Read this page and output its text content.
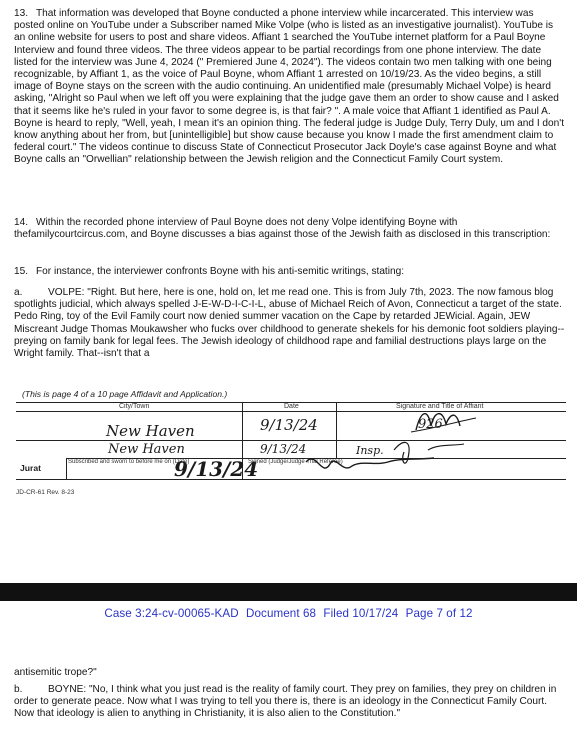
13. That information was developed that Boyne conducted a phone interview while incarcerated. This interview was posted online on YouTube under a Subscriber named Mike Volpe (who is listed as an investigative journalist). YouTube is an online website for users to post and share videos. Affiant 1 searched the YouTube internet platform for a Paul Boyne Interview and found three videos. The three videos appear to be partial recordings from one phone interview. The date listed for the interview was June 4, 2024 (" Premiered June 4, 2024"). The videos contain two men talking with one being recognizable, by Affiant 1, as the voice of Paul Boyne, whom Affiant 1 arrested on 10/19/23. As the video begins, a still image of Boyne stays on the screen with the audio continuing. An unidentified male (presumably Michael Volpe) is heard asking, "Alright so Paul when we left off you were explaining that the judge gave them an order to show cause and I asked that it seems like he's ruled in your favor to some degree is, is that fair? ". A male voice that Affiant 1 identified as Paul A. Boyne is heard to reply, "Well, yeah, I mean it's an opinion thing. The federal judge is Judge Duly, Terry Duly, um and I don't know anything about her from, but [unintelligible] but show cause because you know I made the first amendment claim to federal court." The videos continue to discuss State of Connecticut Prosecutor Jack Doyle's case against Boyne and what Boyne calls an "Orwellian" relationship between the Jewish religion and the Connecticut Family Court system.
14. Within the recorded phone interview of Paul Boyne does not deny Volpe identifying Boyne with thefamilycourtcircus.com, and Boyne discusses a bias against those of the Jewish faith as disclosed in this transcription:
15. For instance, the interviewer confronts Boyne with his anti-semitic writings, stating:
a.	VOLPE: "Right. But here, here is one, hold on, let me read one. This is from July 7th, 2023. The now famous blog spotlights judicial, which always spelled J-E-W-D-I-C-I-L, abuse of Michael Reich of Avon, Connecticut a target of the state. Pedo Ring, toy of the Evil Family court now denied summer vacation on the Cape by retarded JEWicial. Again, JEW Miscreant Judge Thomas Moukawsher who fucks over childhood to generate shekels for his demonic foot soldiers playing--preying on family bank for legal fees. The Jewish ideology of childhood rape and familial destructions plays large on the Wright family. That--isn't that a
(This is page 4 of a 10 page Affidavit and Application.)
City/Town	Date	Signature and Title of Affiant
New Haven	9/13/24	926
New Haven	9/13/24	Insp.
Subscribed and sworn to before me on (Date)
9/13/24
Signed (Judge/Judge Trial Referee)
Jurat
JD-CR-61 Rev. 8-23
Case 3:24-cv-00065-KAD Document 68 Filed 10/17/24 Page 7 of 12
antisemitic trope?"
b.	BOYNE: "No, I think what you just read is the reality of family court. They prey on families, they prey on children in order to generate peace. Now what I was trying to tell you there is, there is an ideology in the Connecticut Family Court. Now that ideology is alien to anything in Christianity, it is also alien to the Constitution."
